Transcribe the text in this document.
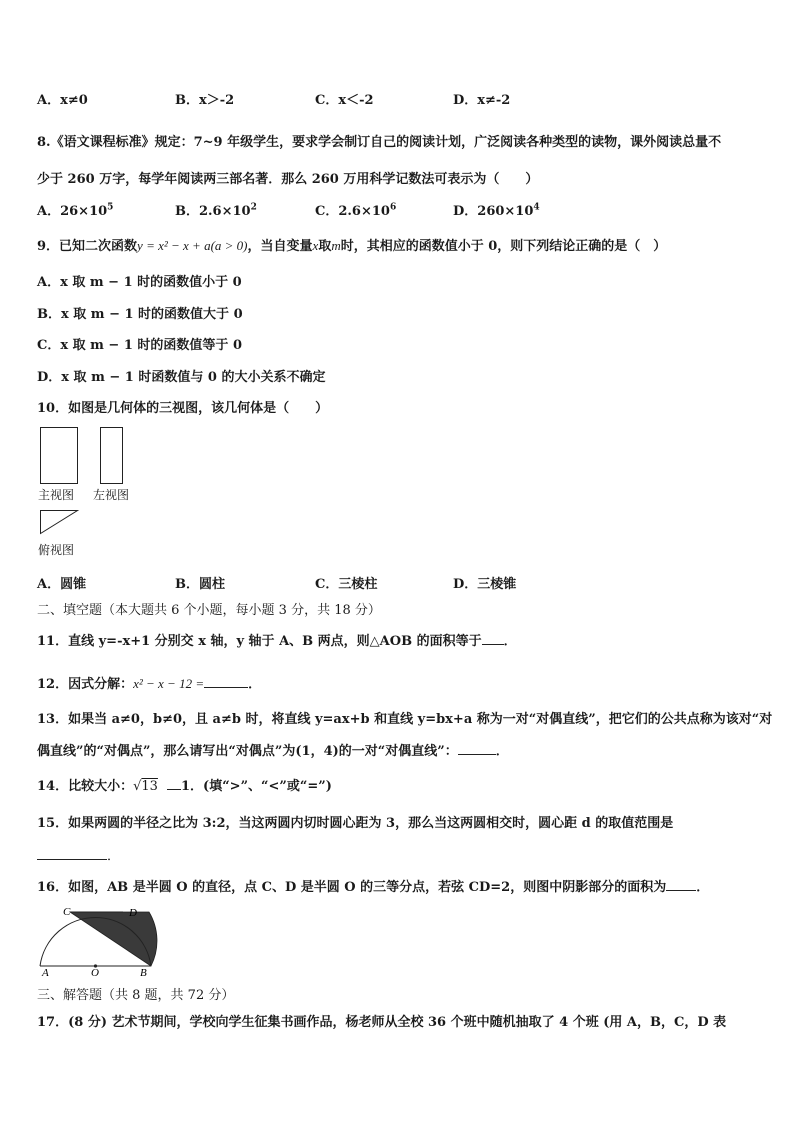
A．x≠0	B．x＞-2	C．x＜-2	D．x≠-2
8.《语文课程标准》规定：7~9 年级学生，要求学会制订自己的阅读计划，广泛阅读各种类型的读物，课外阅读总量不
少于 260 万字，每学年阅读两三部名著．那么 260 万用科学记数法可表示为（　　）
A．$26\times 10^5$	B．$2.6\times 10^2$	C．$2.6\times 10^6$	D．$260\times 10^4$
9．已知二次函数y = x² − x + a(a > 0)，当自变量x取m时，其相应的函数值小于 0，则下列结论正确的是（　）
A．x 取 m − 1 时的函数值小于 0
B．x 取 m − 1 时的函数值大于 0
C．x 取 m − 1 时的函数值等于 0
D．x 取 m − 1 时函数值与 0 的大小关系不确定
10．如图是几何体的三视图，该几何体是（　　）
主视图 左视图
俯视图
A．圆锥	B．圆柱	C．三棱柱	D．三棱锥
二、填空题（本大题共 6 个小题，每小题 3 分，共 18 分）
11．直线 y=-x+1 分别交 x 轴，y 轴于 A、B 两点，则△AOB 的面积等于 ．
12．因式分解：x² − x − 12 =	．
13．如果当 a≠0，b≠0，且 a≠b 时，将直线 y=ax+b 和直线 y=bx+a 称为一对“对偶直线”，把它们的公共点称为该对“对
偶直线”的“对偶点”，那么请写出“对偶点”为(1，4)的一对“对偶直线”：	．
14．比较大小：√13 1．(填“>”、“<”或“=”)
15．如果两圆的半径之比为 3:2，当这两圆内切时圆心距为 3，那么当这两圆相交时，圆心距 d 的取值范围是
．
16．如图，AB 是半圆 O 的直径，点 C、D 是半圆 O 的三等分点，若弦 CD=2，则图中阴影部分的面积为 ．
C	D
A	O	B
三、解答题（共 8 题，共 72 分）
17．(8 分) 艺术节期间，学校向学生征集书画作品，杨老师从全校 36 个班中随机抽取了 4 个班 (用 A，B，C，D 表
